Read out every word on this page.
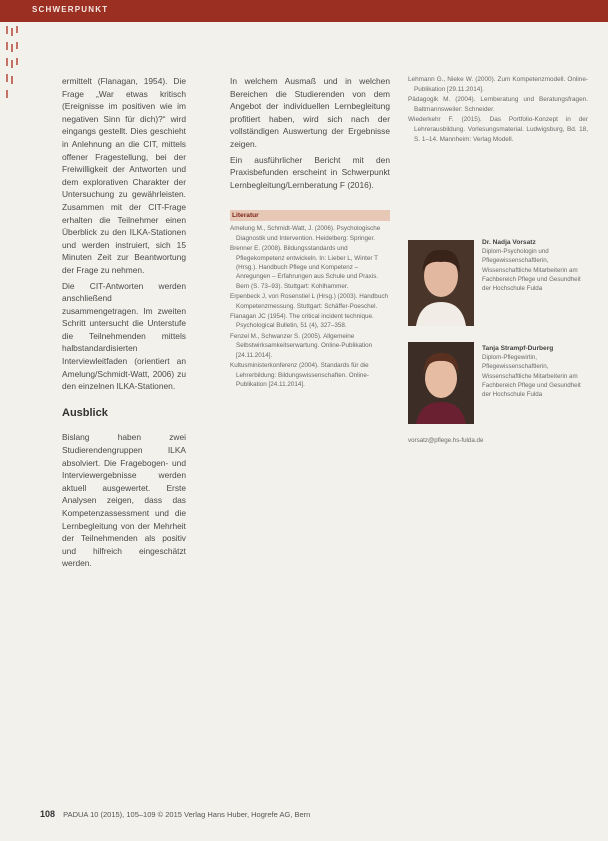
SCHWERPUNKT

ermittelt (Flanagan, 1954). Die Frage „War etwas kritisch (Ereignisse im positiven wie im negativen Sinn für dich)?“ wird eingangs gestellt. Dies geschieht in Anlehnung an die CIT, mittels offener Fragestellung, bei der Freiwilligkeit der Antworten und dem explorativen Charakter der Untersuchung zu gewährleisten. Zusammen mit der CIT-Frage erhalten die Teilnehmer einen Überblick zu den ILKA-Stationen und werden instruiert, sich 15 Minuten Zeit zur Beantwortung der Frage zu nehmen.

Die CIT-Antworten werden anschließend zusammengetragen. Im zweiten Schritt untersucht die Unterstufe die Teilnehmenden mittels halbstandardisierten Interviewleitfaden (orientiert an Amelung/Schmidt-Watt, 2006) zu den einzelnen ILKA-Stationen.

Ausblick

Bislang haben zwei Studierendengruppen ILKA absolviert. Die Fragebogen- und Interviewergebnisse werden aktuell ausgewertet. Erste Analysen zeigen, dass das Kompetenzassessment und die Lernbegleitung von der Mehrheit der Teilnehmenden als positiv und hilfreich eingeschätzt werden.

In welchem Ausmaß und in welchen Bereichen die Studierenden von dem Angebot der individuellen Lernbegleitung profitiert haben, wird sich nach der vollständigen Auswertung der Ergebnisse zeigen.

Ein ausführlicher Bericht mit den Praxisbefunden erscheint in Schwerpunkt Lernbegleitung/Lernberatung F (2016).

Literatur

Amelung M., Schmidt-Watt, J. (2006). Psychologische Diagnostik und Intervention. Heidelberg: Springer.

Brenner E. (2008). Bildungsstandards und Pflegekompetenz entwickeln. In: Lieber L, Winter T (Hrsg.). Handbuch Pflege und Kompetenz – Anregungen – Erfahrungen aus Schule und Praxis. Bern (S. 73–93). Stuttgart: Kohlhammer.

Erpenbeck J, von Rosenstiel L (Hrsg.) (2003). Handbuch Kompetenzmessung. Stuttgart: Schäffer-Poeschel.

Flanagan JC (1954). The critical incident technique. Psychological Bulletin, 51 (4), 327–358.

Fenzel M., Schwanzer S. (2005). Allgemeine Selbstwirksamkeitserwartung. Online-Publikation [24.11.2014].

Kultusministerkonferenz (2004). Standards für die Lehrerbildung: Bildungswissenschaften. Online-Publikation [24.11.2014].

Lehmann G., Nieke W. (2000). Zum Kompetenzmodell. Online-Publikation [29.11.2014].

Pädagogik M. (2004). Lernberatung und Beratungsfragen. Baltmannsweiler: Schneider.

Wiederkehr F. (2015). Das Portfolio-Konzept in der Lehrerausbildung. Vorlesungsmaterial. Ludwigsburg, Bd. 18, S. 1–14. Mannheim: Verlag Modell.

Dr. Nadja Vorsatz
Diplom-Psychologin und Pflegewissenschaftlerin, Wissenschaftliche Mitarbeiterin am Fachbereich Pflege und Gesundheit der Hochschule Fulda
Tanja Strampf-Durberg
Diplom-Pflegewirtin, Pflegewissenschaftlerin, Wissenschaftliche Mitarbeiterin am Fachbereich Pflege und Gesundheit der Hochschule Fulda
vorsatz@pflege.hs-fulda.de
108 PADUA 10 (2015), 105–109 © 2015 Verlag Hans Huber, Hogrefe AG, Bern
